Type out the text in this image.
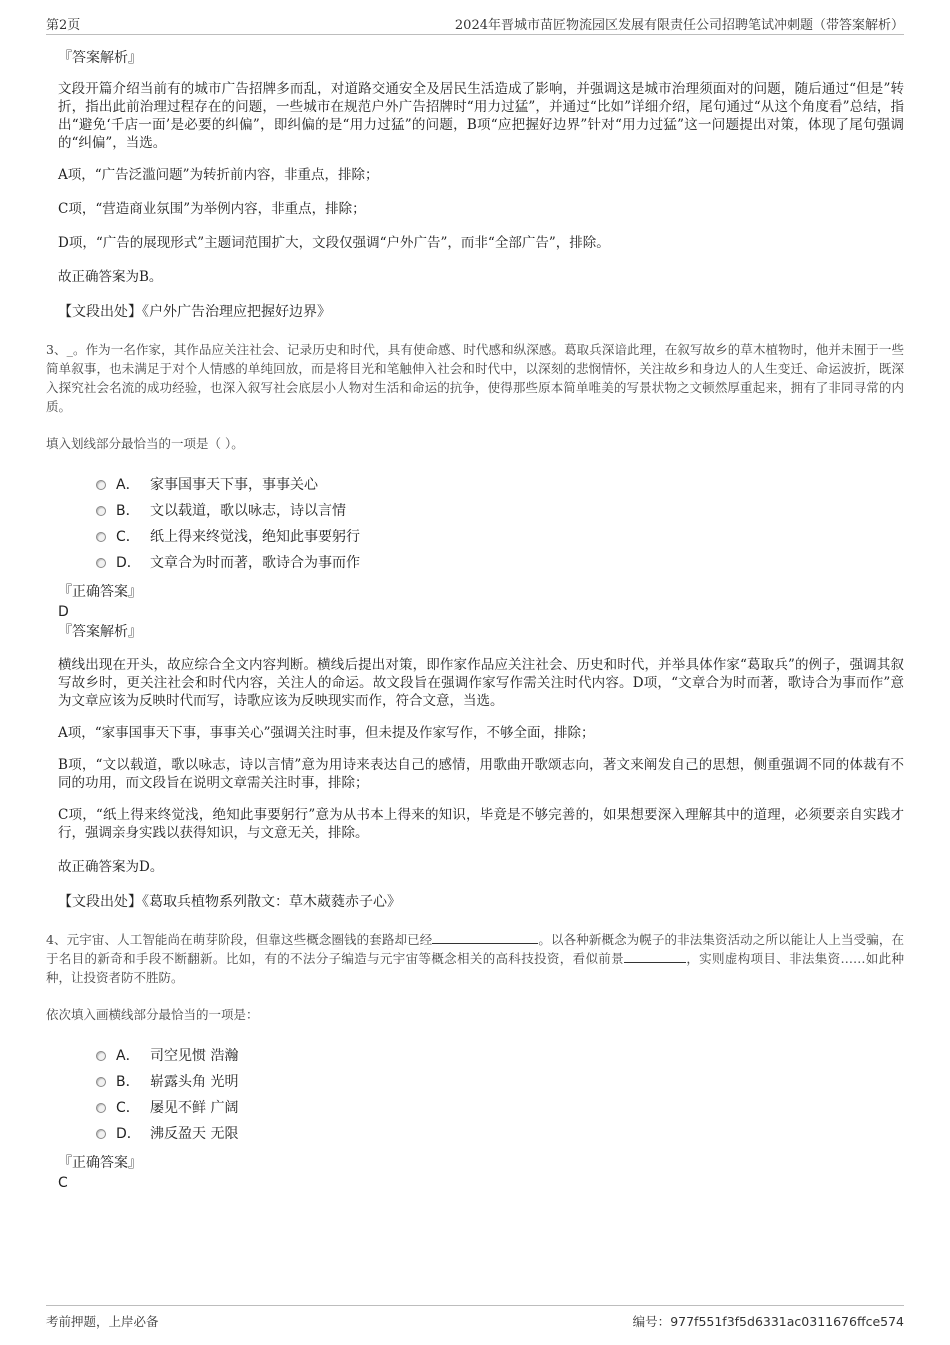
第2页	2024年晋城市苗匠物流园区发展有限责任公司招聘笔试冲刺题（带答案解析）
『答案解析』
文段开篇介绍当前有的城市广告招牌多而乱，对道路交通安全及居民生活造成了影响，并强调这是城市治理须面对的问题，随后通过“但是”转折，指出此前治理过程存在的问题，一些城市在规范户外广告招牌时“用力过猛”，并通过“比如”详细介绍，尾句通过“从这个角度看”总结，指出“避免‘千店一面’是必要的纠偏”，即纠偏的是“用力过猛”的问题，B项“应把握好边界”针对“用力过猛”这一问题提出对策，体现了尾句强调的“纠偏”，当选。
A项，“广告泛滥问题”为转折前内容，非重点，排除；
C项，“营造商业氛围”为举例内容，非重点，排除；
D项，“广告的展现形式”主题词范围扩大，文段仅强调“户外广告”，而非“全部广告”，排除。
故正确答案为B。
【文段出处】《户外广告治理应把握好边界》
3、_。作为一名作家，其作品应关注社会、记录历史和时代，具有使命感、时代感和纵深感。葛取兵深谙此理，在叙写故乡的草木植物时，他并未囿于一些简单叙事，也未满足于对个人情感的单纯回放，而是将目光和笔触伸入社会和时代中，以深刻的悲悯情怀，关注故乡和身边人的人生变迁、命运波折，既深入探究社会名流的成功经验，也深入叙写社会底层小人物对生活和命运的抗争，使得那些原本简单唯美的写景状物之文顿然厚重起来，拥有了非同寻常的内质。
填入划线部分最恰当的一项是（ ）。
A． 家事国事天下事，事事关心
B． 文以载道，歌以咏志，诗以言情
C． 纸上得来终觉浅，绝知此事要躬行
D． 文章合为时而著，歌诗合为事而作
『正确答案』
D
『答案解析』
横线出现在开头，故应综合全文内容判断。横线后提出对策，即作家作品应关注社会、历史和时代，并举具体作家“葛取兵”的例子，强调其叙写故乡时，更关注社会和时代内容，关注人的命运。故文段旨在强调作家写作需关注时代内容。D项，“文章合为时而著，歌诗合为事而作”意为文章应该为反映时代而写，诗歌应该为反映现实而作，符合文意，当选。
A项，“家事国事天下事，事事关心”强调关注时事，但未提及作家写作，不够全面，排除；
B项，“文以载道，歌以咏志，诗以言情”意为用诗来表达自己的感情，用歌曲开歌颂志向，著文来阐发自己的思想，侧重强调不同的体裁有不同的功用，而文段旨在说明文章需关注时事，排除；
C项，“纸上得来终觉浅，绝知此事要躬行”意为从书本上得来的知识，毕竟是不够完善的，如果想要深入理解其中的道理，必须要亲自实践才行，强调亲身实践以获得知识，与文意无关，排除。
故正确答案为D。
【文段出处】《葛取兵植物系列散文：草木葳蕤赤子心》
4、元宇宙、人工智能尚在萌芽阶段，但靠这些概念圈钱的套路却已经	。以各种新概念为幌子的非法集资活动之所以能让人上当受骗，在于名目的新奇和手段不断翻新。比如，有的不法分子编造与元宇宙等概念相关的高科技投资，看似前景	，实则虚构项目、非法集资……如此种种，让投资者防不胜防。
依次填入画横线部分最恰当的一项是：
A． 司空见惯 浩瀚
B． 崭露头角 光明
C． 屡见不鲜 广阔
D． 沸反盈天 无限
『正确答案』
C
考前押题，上岸必备	编号：977f551f3f5d6331ac0311676ffce574
